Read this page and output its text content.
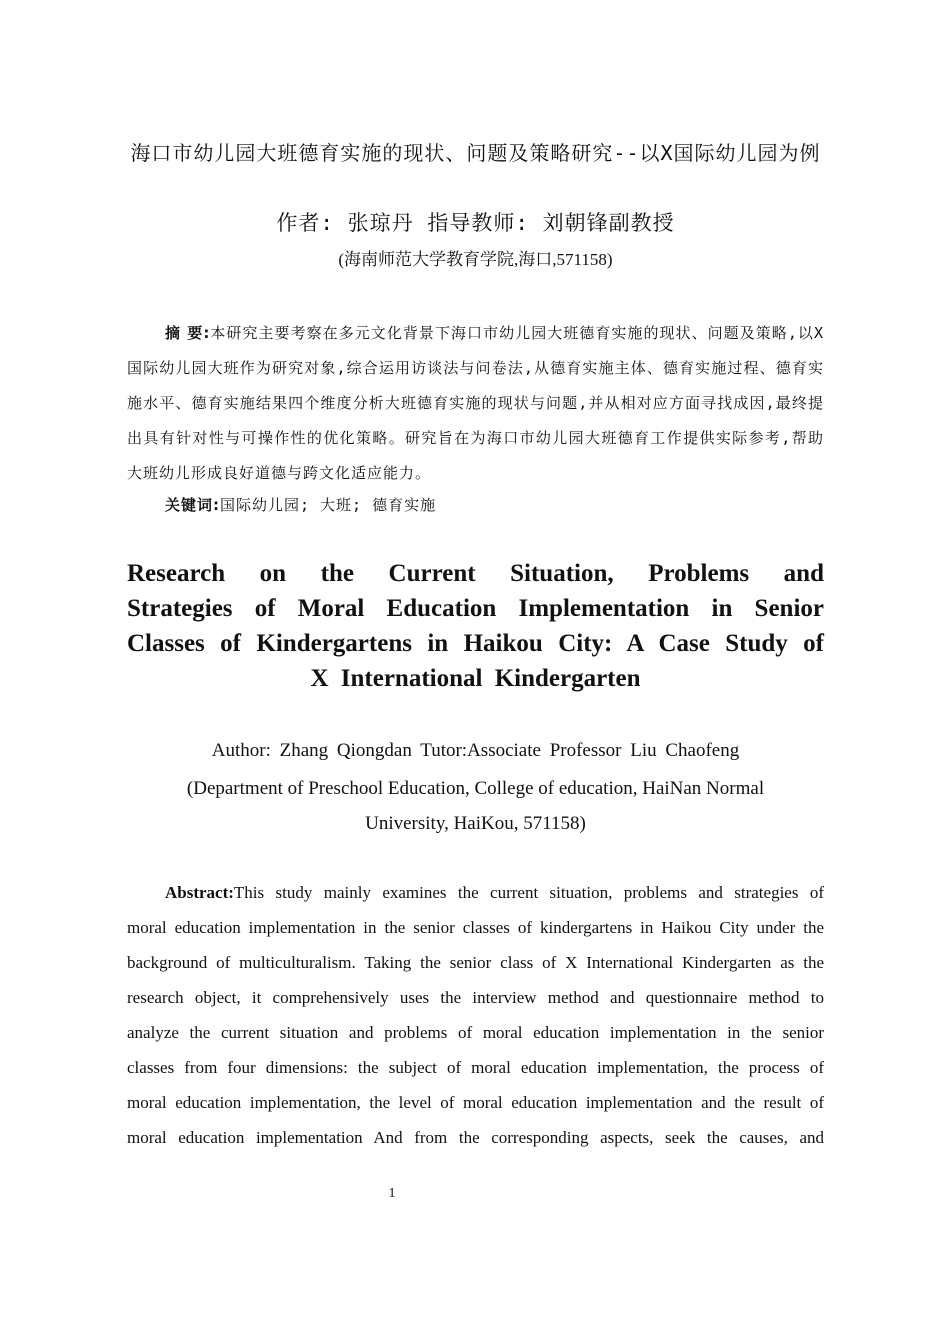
海口市幼儿园大班德育实施的现状、问题及策略研究--以X国际幼儿园为例
作者: 张琼丹 指导教师: 刘朝锋副教授
(海南师范大学教育学院,海口,571158)
摘 要:本研究主要考察在多元文化背景下海口市幼儿园大班德育实施的现状、问题及策略,以X国际幼儿园大班作为研究对象,综合运用访谈法与问卷法,从德育实施主体、德育实施过程、德育实施水平、德育实施结果四个维度分析大班德育实施的现状与问题,并从相对应方面寻找成因,最终提出具有针对性与可操作性的优化策略。研究旨在为海口市幼儿园大班德育工作提供实际参考,帮助大班幼儿形成良好道德与跨文化适应能力。
关键词:国际幼儿园; 大班; 德育实施
Research on the Current Situation, Problems and
Strategies of Moral Education Implementation in Senior
Classes of Kindergartens in Haikou City: A Case Study of
X International Kindergarten
Author: Zhang Qiongdan Tutor:Associate Professor Liu Chaofeng
(Department of Preschool Education, College of education, HaiNan Normal
University, HaiKou, 571158)
Abstract:This study mainly examines the current situation, problems and strategies of
moral education implementation in the senior classes of kindergartens in Haikou City under the
background of multiculturalism. Taking the senior class of X International Kindergarten as the
research object, it comprehensively uses the interview method and questionnaire method to
analyze the current situation and problems of moral education implementation in the senior
classes from four dimensions: the subject of moral education implementation, the process of
moral education implementation, the level of moral education implementation and the result of
moral education implementation And from the corresponding aspects, seek the causes, and
1
